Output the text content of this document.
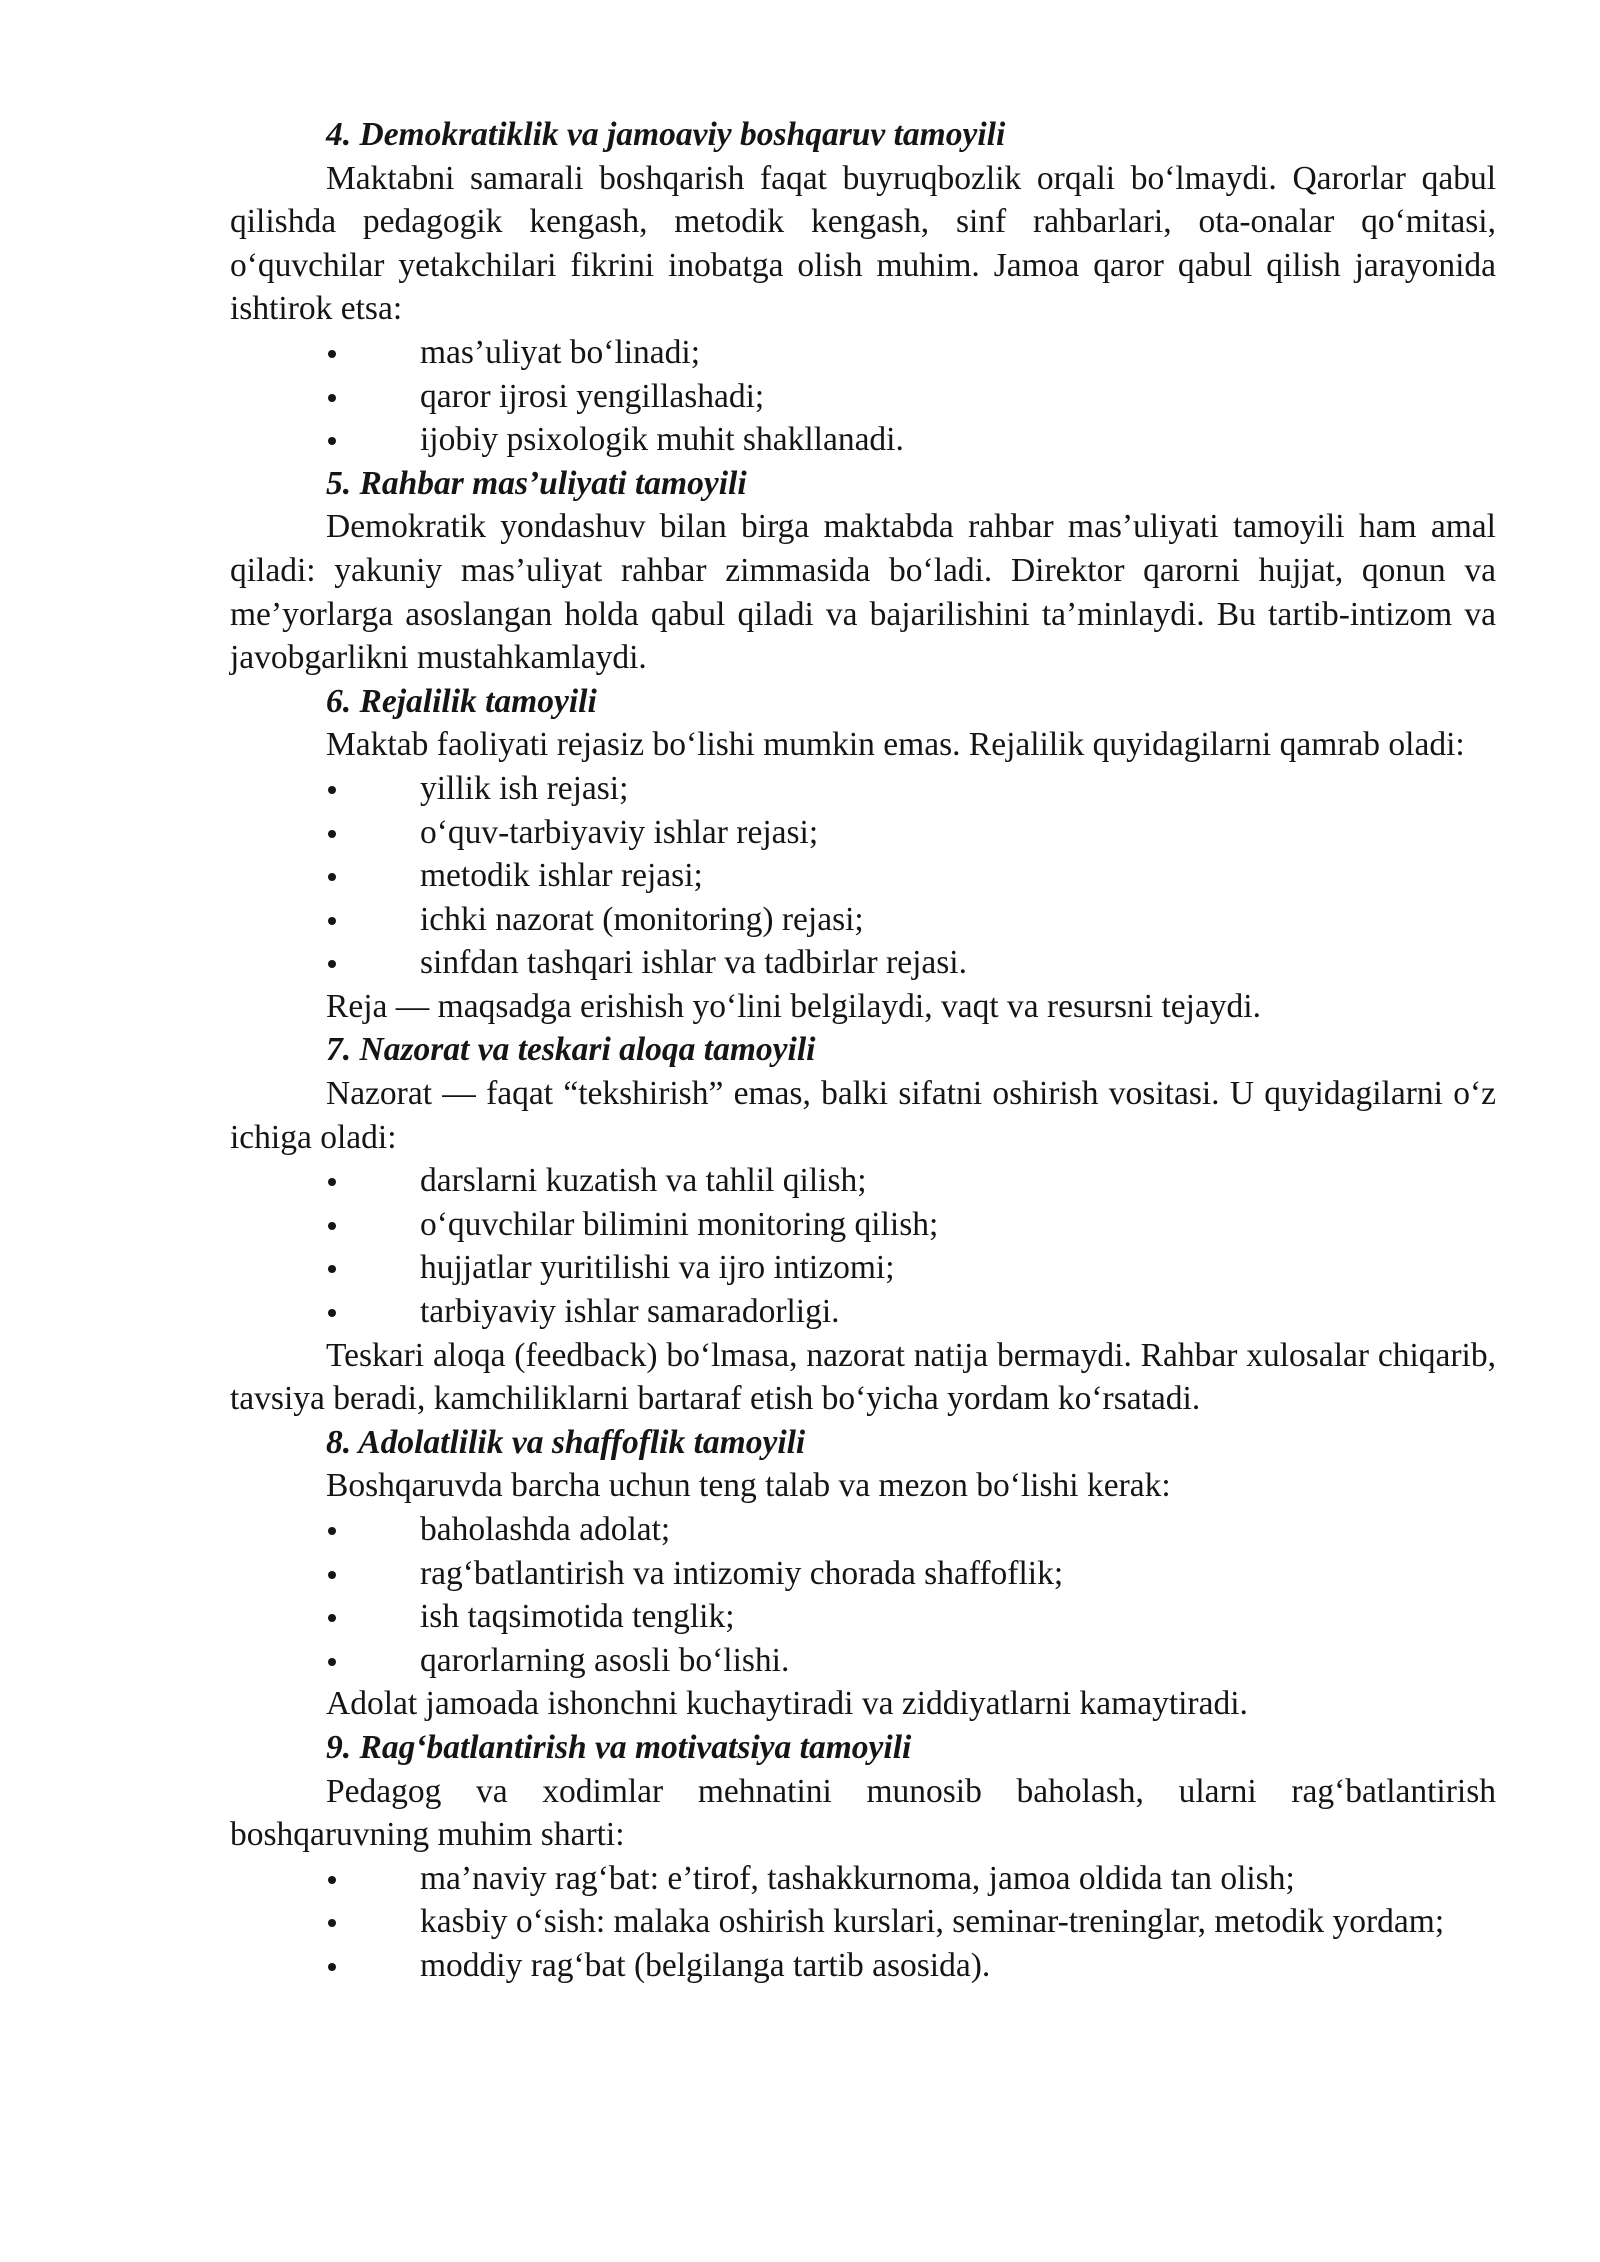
4. Demokratiklik va jamoaviy boshqaruv tamoyili

Maktabni samarali boshqarish faqat buyruqbozlik orqali bo‘lmaydi. Qarorlar qabul qilishda pedagogik kengash, metodik kengash, sinf rahbarlari, ota-onalar qo‘mitasi, o‘quvchilar yetakchilari fikrini inobatga olish muhim. Jamoa qaror qabul qilish jarayonida ishtirok etsa:

mas’uliyat bo‘linadi;
qaror ijrosi yengillashadi;
ijobiy psixologik muhit shakllanadi.

5. Rahbar mas’uliyati tamoyili

Demokratik yondashuv bilan birga maktabda rahbar mas’uliyati tamoyili ham amal qiladi: yakuniy mas’uliyat rahbar zimmasida bo‘ladi. Direktor qarorni hujjat, qonun va me’yorlarga asoslangan holda qabul qiladi va bajarilishini ta’minlaydi. Bu tartib-intizom va javobgarlikni mustahkamlaydi.

6. Rejalilik tamoyili

Maktab faoliyati rejasiz bo‘lishi mumkin emas. Rejalilik quyidagilarni qamrab oladi:

yillik ish rejasi;
o‘quv-tarbiyaviy ishlar rejasi;
metodik ishlar rejasi;
ichki nazorat (monitoring) rejasi;
sinfdan tashqari ishlar va tadbirlar rejasi.

Reja — maqsadga erishish yo‘lini belgilaydi, vaqt va resursni tejaydi.

7. Nazorat va teskari aloqa tamoyili

Nazorat — faqat “tekshirish” emas, balki sifatni oshirish vositasi. U quyidagilarni o‘z ichiga oladi:

darslarni kuzatish va tahlil qilish;
o‘quvchilar bilimini monitoring qilish;
hujjatlar yuritilishi va ijro intizomi;
tarbiyaviy ishlar samaradorligi.

Teskari aloqa (feedback) bo‘lmasa, nazorat natija bermaydi. Rahbar xulosalar chiqarib, tavsiya beradi, kamchiliklarni bartaraf etish bo‘yicha yordam ko‘rsatadi.

8. Adolatlilik va shaffoflik tamoyili

Boshqaruvda barcha uchun teng talab va mezon bo‘lishi kerak:

baholashda adolat;
rag‘batlantirish va intizomiy chorada shaffoflik;
ish taqsimotida tenglik;
qarorlarning asosli bo‘lishi.

Adolat jamoada ishonchni kuchaytiradi va ziddiyatlarni kamaytiradi.

9. Rag‘batlantirish va motivatsiya tamoyili

Pedagog va xodimlar mehnatini munosib baholash, ularni rag‘batlantirish boshqaruvning muhim sharti:

ma’naviy rag‘bat: e’tirof, tashakkurnoma, jamoa oldida tan olish;
kasbiy o‘sish: malaka oshirish kurslari, seminar-treninglar, metodik yordam;
moddiy rag‘bat (belgilanga tartib asosida).
